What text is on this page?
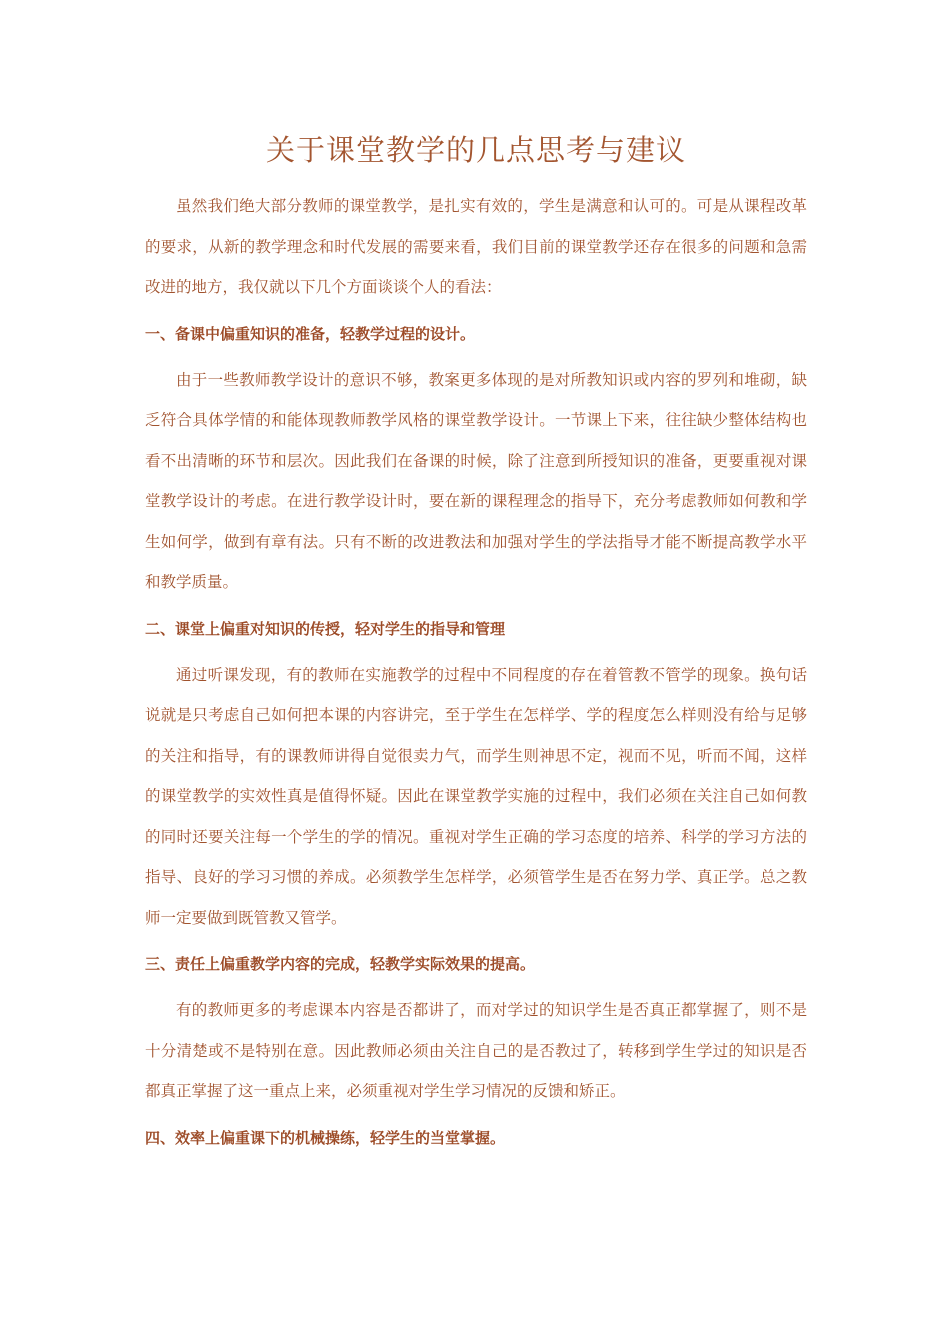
关于课堂教学的几点思考与建议

虽然我们绝大部分教师的课堂教学，是扎实有效的，学生是满意和认可的。可是从课程改革的要求，从新的教学理念和时代发展的需要来看，我们目前的课堂教学还存在很多的问题和急需改进的地方，我仅就以下几个方面谈谈个人的看法：

一、备课中偏重知识的准备，轻教学过程的设计。

由于一些教师教学设计的意识不够，教案更多体现的是对所教知识或内容的罗列和堆砌，缺乏符合具体学情的和能体现教师教学风格的课堂教学设计。一节课上下来，往往缺少整体结构也看不出清晰的环节和层次。因此我们在备课的时候，除了注意到所授知识的准备，更要重视对课堂教学设计的考虑。在进行教学设计时，要在新的课程理念的指导下，充分考虑教师如何教和学生如何学，做到有章有法。只有不断的改进教法和加强对学生的学法指导才能不断提高教学水平和教学质量。

二、课堂上偏重对知识的传授，轻对学生的指导和管理

通过听课发现，有的教师在实施教学的过程中不同程度的存在着管教不管学的现象。换句话说就是只考虑自己如何把本课的内容讲完，至于学生在怎样学、学的程度怎么样则没有给与足够的关注和指导，有的课教师讲得自觉很卖力气，而学生则神思不定，视而不见，听而不闻，这样的课堂教学的实效性真是值得怀疑。因此在课堂教学实施的过程中，我们必须在关注自己如何教的同时还要关注每一个学生的学的情况。重视对学生正确的学习态度的培养、科学的学习方法的指导、良好的学习习惯的养成。必须教学生怎样学，必须管学生是否在努力学、真正学。总之教师一定要做到既管教又管学。

三、责任上偏重教学内容的完成，轻教学实际效果的提高。

有的教师更多的考虑课本内容是否都讲了，而对学过的知识学生是否真正都掌握了，则不是十分清楚或不是特别在意。因此教师必须由关注自己的是否教过了，转移到学生学过的知识是否都真正掌握了这一重点上来，必须重视对学生学习情况的反馈和矫正。

四、效率上偏重课下的机械操练，轻学生的当堂掌握。
